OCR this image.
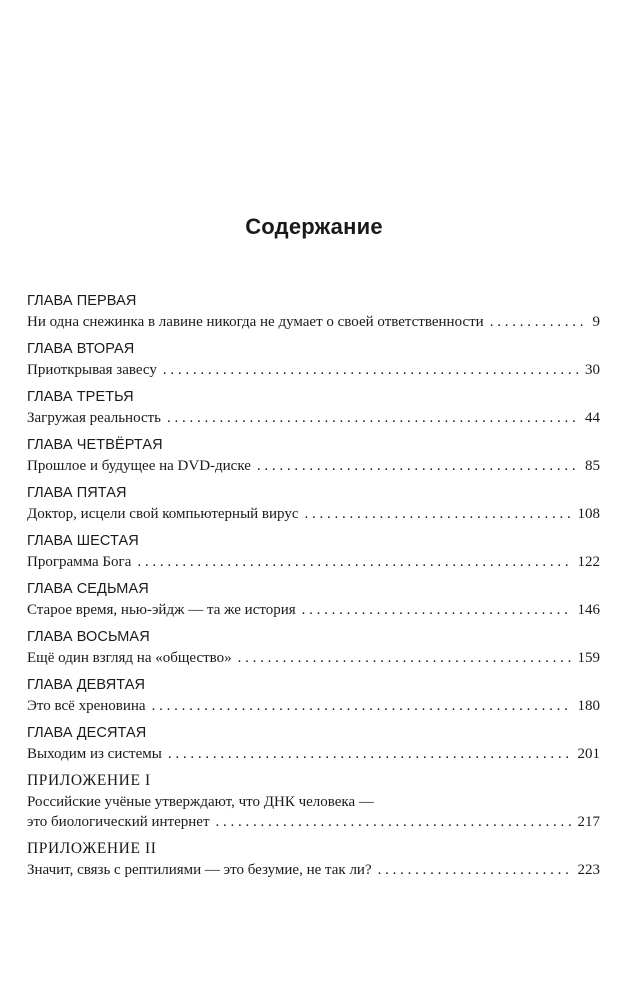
Содержание
ГЛАВА ПЕРВАЯ
Ни одна снежинка в лавине никогда не думает о своей ответственности . . .	9
ГЛАВА ВТОРАЯ
Приоткрывая завесу . . .	30
ГЛАВА ТРЕТЬЯ
Загружая реальность . . .	44
ГЛАВА ЧЕТВЁРТАЯ
Прошлое и будущее на DVD-диске . . .	85
ГЛАВА ПЯТАЯ
Доктор, исцели свой компьютерный вирус . . .	108
ГЛАВА ШЕСТАЯ
Программа Бога . . .	122
ГЛАВА СЕДЬМАЯ
Старое время, нью-эйдж — та же история . . .	146
ГЛАВА ВОСЬМАЯ
Ещё один взгляд на «общество» . . .	159
ГЛАВА ДЕВЯТАЯ
Это всё хреновина . . .	180
ГЛАВА ДЕСЯТАЯ
Выходим из системы . . .	201
ПРИЛОЖЕНИЕ I
Российские учёные утверждают, что ДНК человека —
это биологический интернет . . .	217
ПРИЛОЖЕНИЕ II
Значит, связь с рептилиями — это безумие, не так ли? . . .	223
